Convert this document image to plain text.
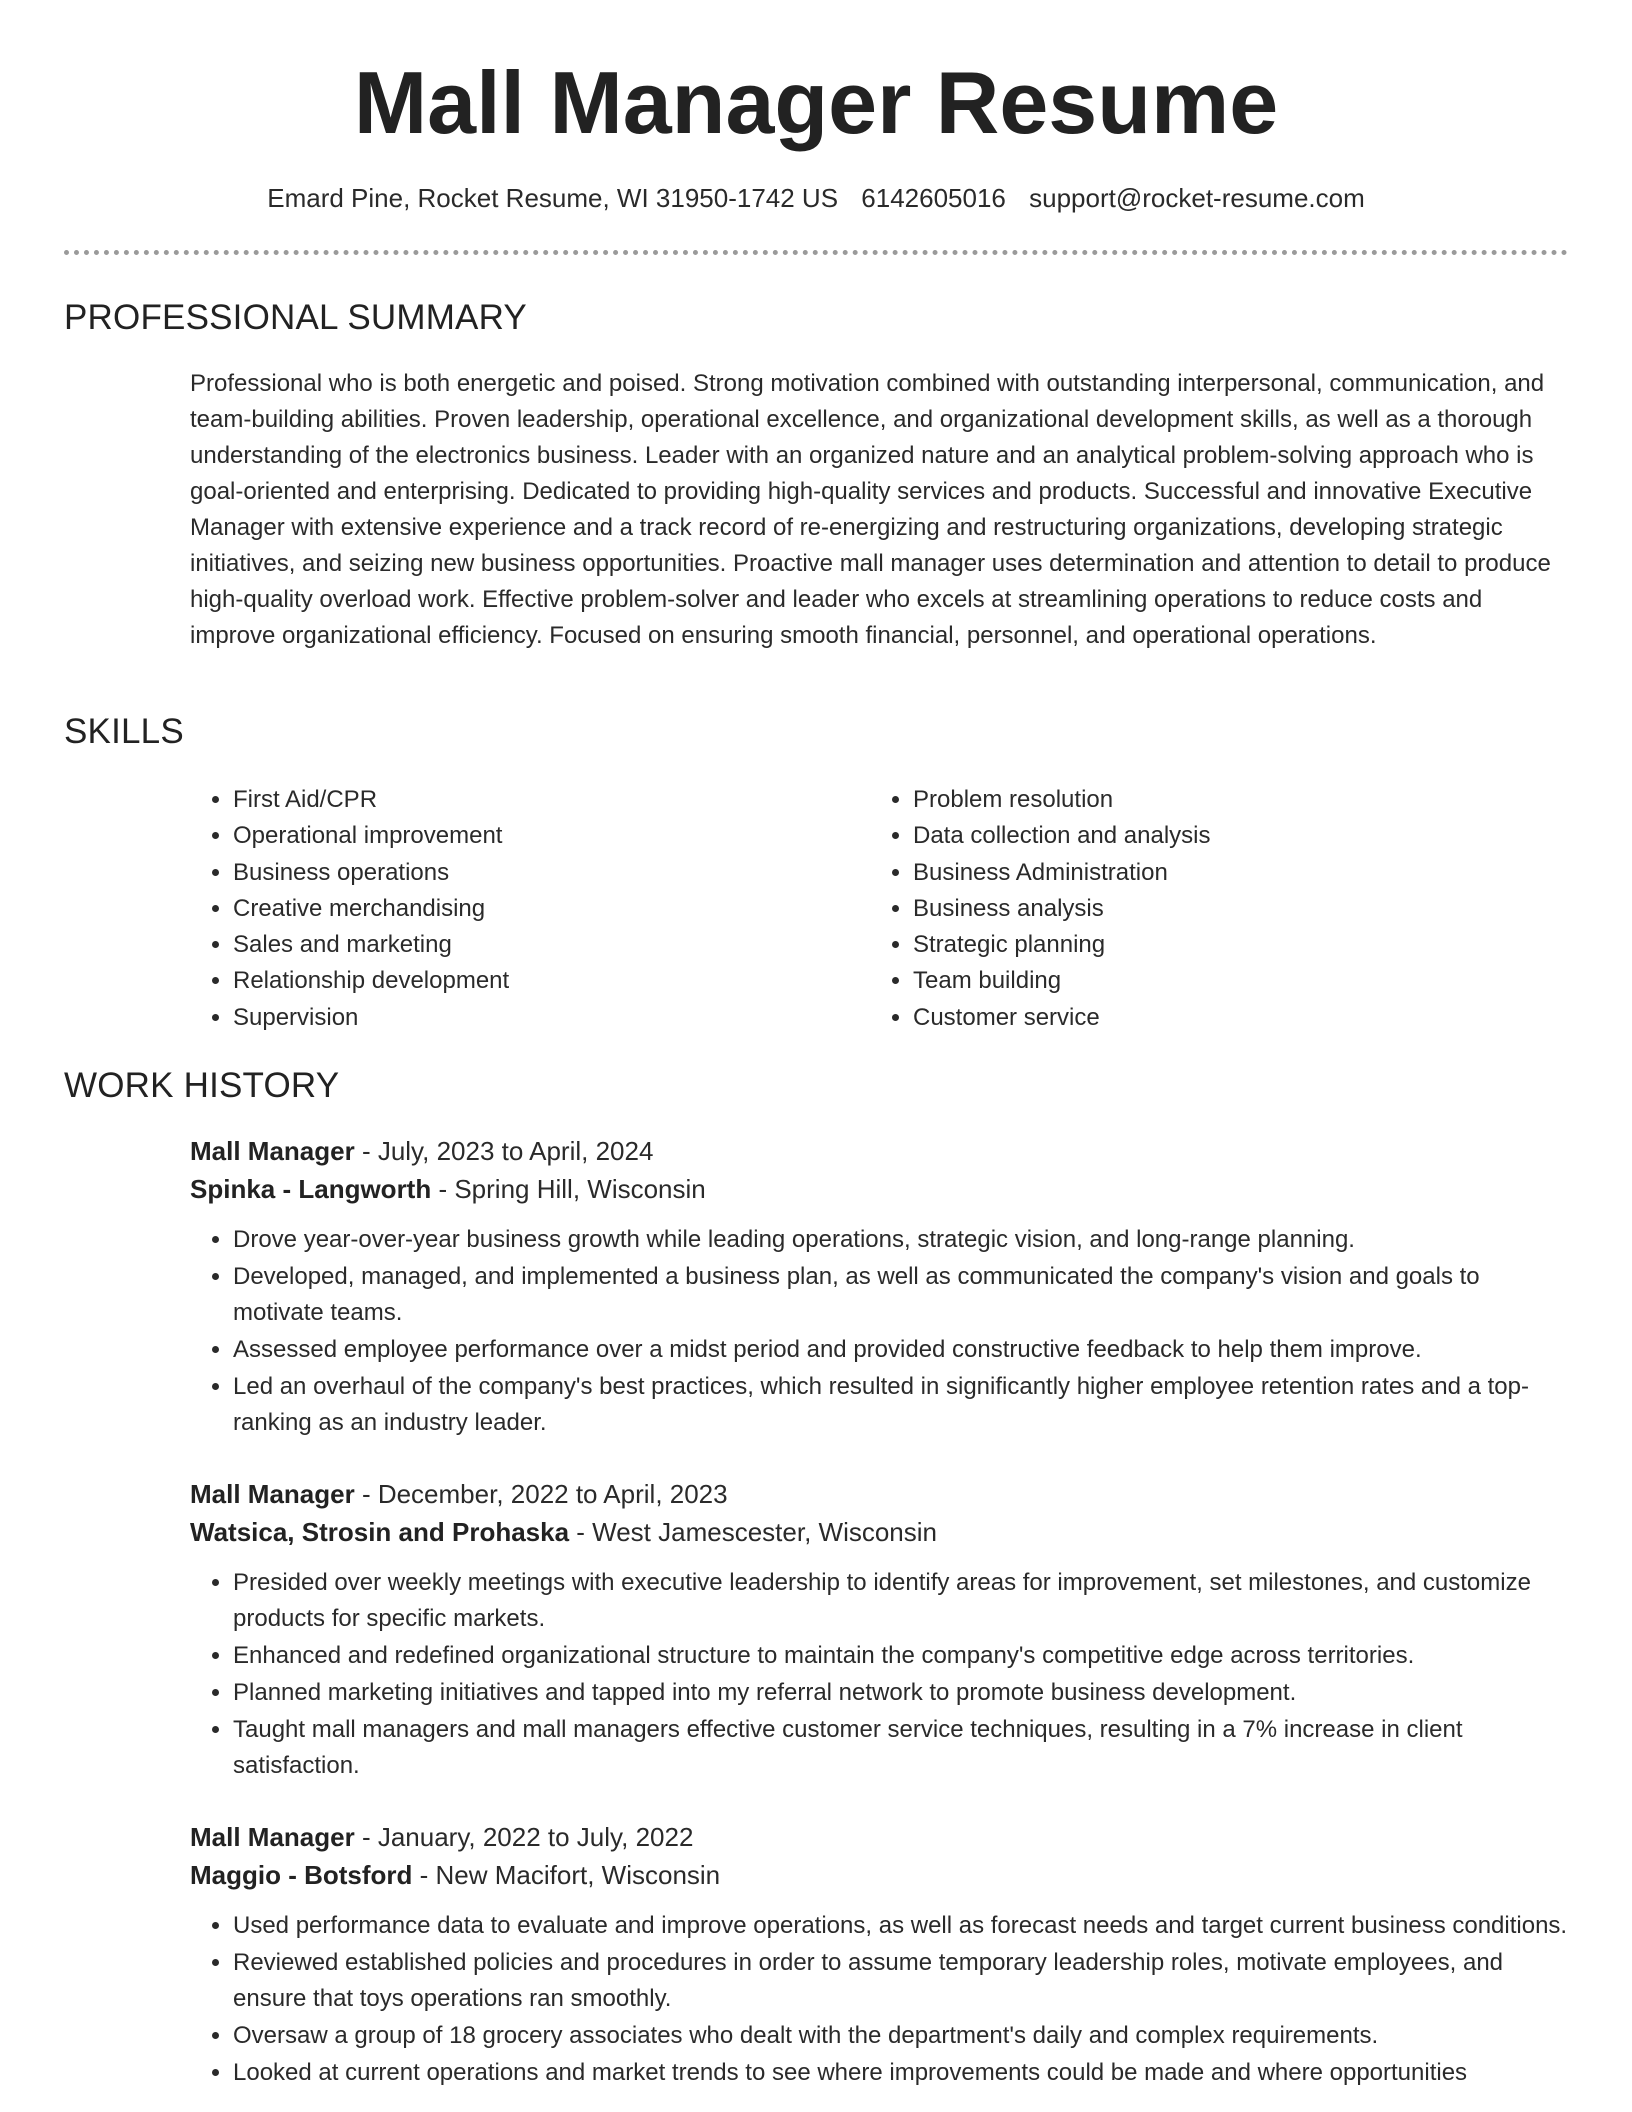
Mall Manager Resume
Emard Pine, Rocket Resume, WI 31950-1742 US 6142605016 support@rocket-resume.com
PROFESSIONAL SUMMARY

Professional who is both energetic and poised. Strong motivation combined with outstanding interpersonal, communication, and team-building abilities. Proven leadership, operational excellence, and organizational development skills, as well as a thorough understanding of the electronics business. Leader with an organized nature and an analytical problem-solving approach who is goal-oriented and enterprising. Dedicated to providing high-quality services and products. Successful and innovative Executive Manager with extensive experience and a track record of re-energizing and restructuring organizations, developing strategic initiatives, and seizing new business opportunities. Proactive mall manager uses determination and attention to detail to produce high-quality overload work. Effective problem-solver and leader who excels at streamlining operations to reduce costs and improve organizational efficiency. Focused on ensuring smooth financial, personnel, and operational operations.

SKILLS
• First Aid/CPR
• Operational improvement
• Business operations
• Creative merchandising
• Sales and marketing
• Relationship development
• Supervision
• Problem resolution
• Data collection and analysis
• Business Administration
• Business analysis
• Strategic planning
• Team building
• Customer service
WORK HISTORY

Mall Manager - July, 2023 to April, 2024

Spinka - Langworth - Spring Hill, Wisconsin

• Drove year-over-year business growth while leading operations, strategic vision, and long-range planning.
• Developed, managed, and implemented a business plan, as well as communicated the company's vision and goals to motivate teams.
• Assessed employee performance over a midst period and provided constructive feedback to help them improve.
• Led an overhaul of the company's best practices, which resulted in significantly higher employee retention rates and a top-ranking as an industry leader.

Mall Manager - December, 2022 to April, 2023

Watsica, Strosin and Prohaska - West Jamescester, Wisconsin

• Presided over weekly meetings with executive leadership to identify areas for improvement, set milestones, and customize products for specific markets.
• Enhanced and redefined organizational structure to maintain the company's competitive edge across territories.
• Planned marketing initiatives and tapped into my referral network to promote business development.
• Taught mall managers and mall managers effective customer service techniques, resulting in a 7% increase in client satisfaction.

Mall Manager - January, 2022 to July, 2022

Maggio - Botsford - New Macifort, Wisconsin

• Used performance data to evaluate and improve operations, as well as forecast needs and target current business conditions.
• Reviewed established policies and procedures in order to assume temporary leadership roles, motivate employees, and ensure that toys operations ran smoothly.
• Oversaw a group of 18 grocery associates who dealt with the department's daily and complex requirements.
• Looked at current operations and market trends to see where improvements could be made and where opportunities
